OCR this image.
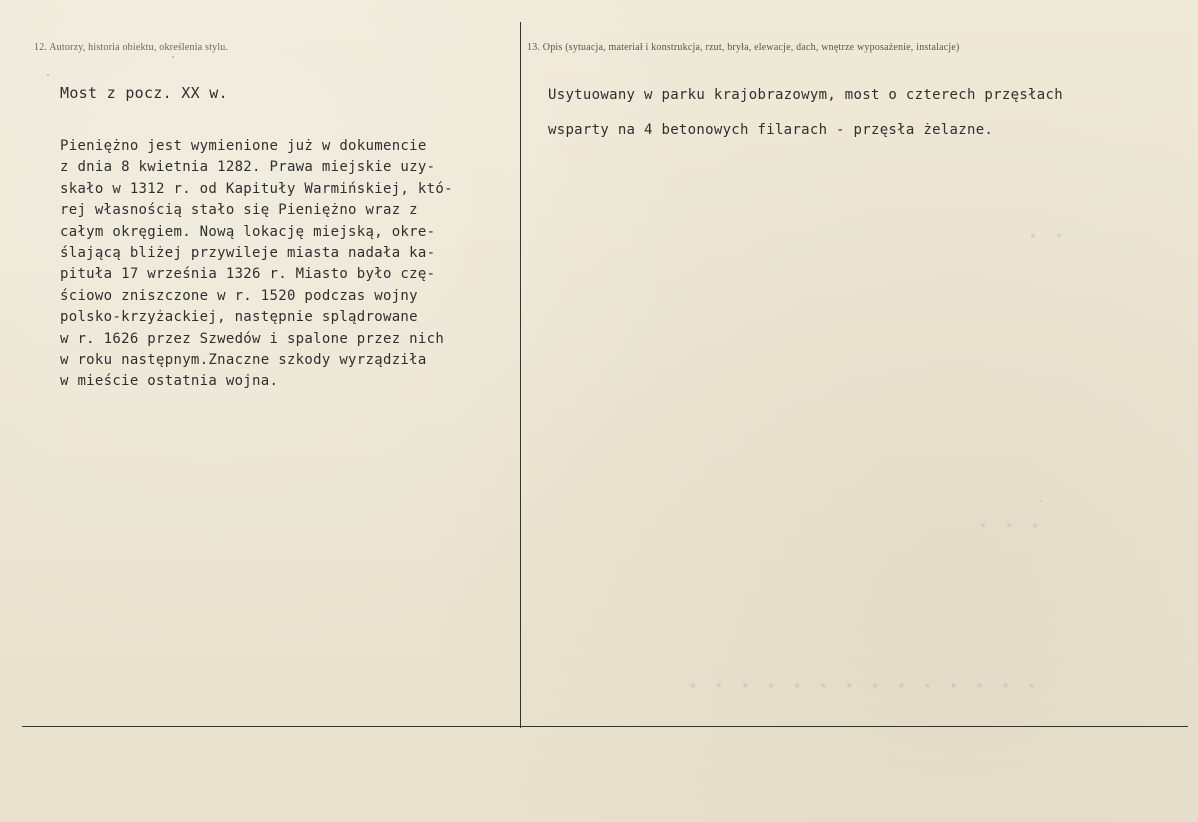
12. Autorzy, historia obiektu, określenia stylu.	13. Opis (sytuacja, materiał i konstrukcja, rzut, bryła, elewacje, dach, wnętrze wyposażenie, instalacje)
Most z pocz. XX w.
Pieniężno jest wymienione już w dokumencie
z dnia 8 kwietnia 1282. Prawa miejskie uzy-
skało w 1312 r. od Kapituły Warmińskiej, któ-
rej własnością stało się Pieniężno wraz z
całym okręgiem. Nową lokację miejską, okre-
ślającą bliżej przywileje miasta nadała ka-
pituła 17 września 1326 r. Miasto było czę-
ściowo zniszczone w r. 1520 podczas wojny
polsko-krzyżackiej, następnie splądrowane
w r. 1626 przez Szwedów i spalone przez nich
w roku następnym.Znaczne szkody wyrządziła
w mieście ostatnia wojna.
Usytuowany w parku krajobrazowym, most o czterech przęsłach
wsparty na 4 betonowych filarach - przęsła żelazne.
▪ ▪ ▪ ▪ ▪ ▪ ▪ ▪ ▪ ▪ ▪ ▪ ▪ ▪
▪ ▪ ▪
▪ ▪
